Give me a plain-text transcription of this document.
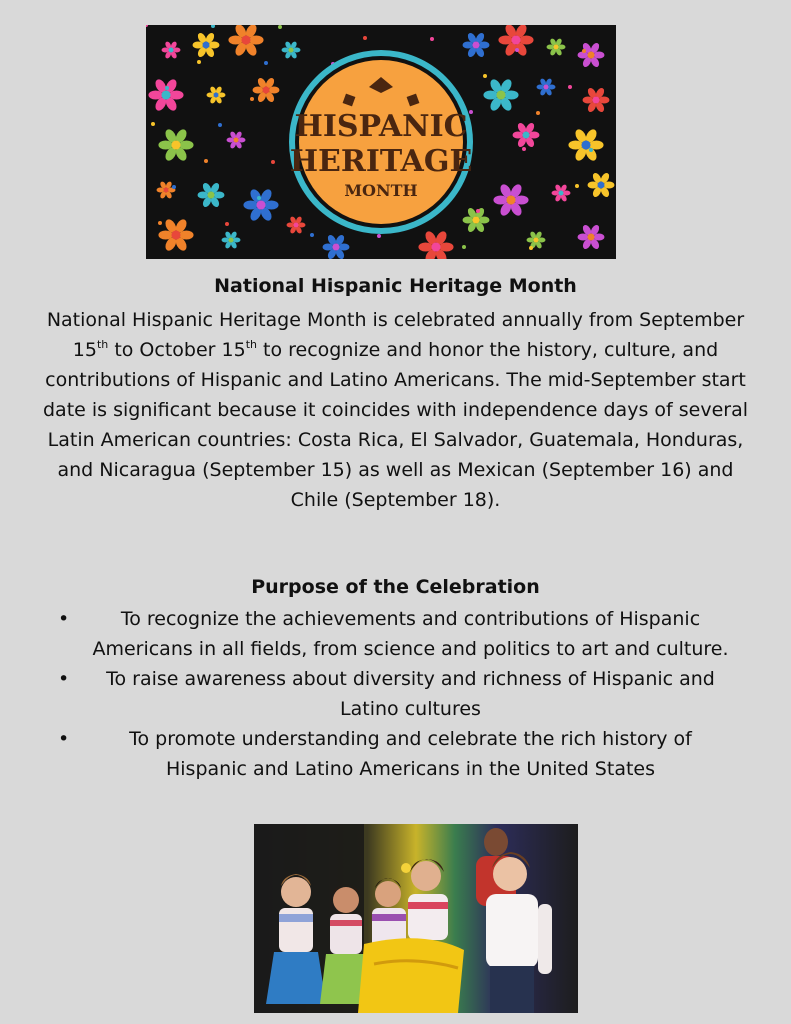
HISPANIC
HERITAGE
MONTH
National Hispanic Heritage Month

National Hispanic Heritage Month is celebrated annually from September 15th to October 15th to recognize and honor the history, culture, and contributions of Hispanic and Latino Americans. The mid-September start date is significant because it coincides with independence days of several Latin American countries: Costa Rica, El Salvador, Guatemala, Honduras, and Nicaragua (September 15) as well as Mexican (September 16) and Chile (September 18).

Purpose of the Celebration
•	To recognize the achievements and contributions of Hispanic Americans in all fields, from science and politics to art and culture.
• To raise awareness about diversity and richness of Hispanic and Latino cultures
•	To promote understanding and celebrate the rich history of Hispanic and Latino Americans in the United States
